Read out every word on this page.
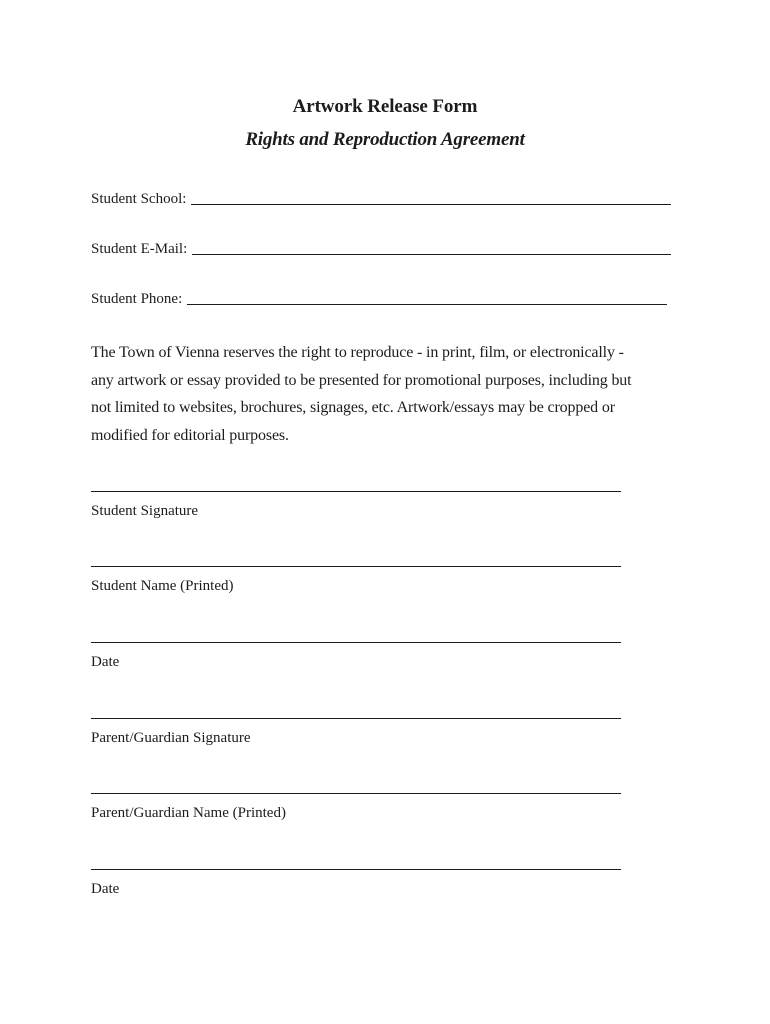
Artwork Release Form
Rights and Reproduction Agreement
Student School:
Student E-Mail:
Student Phone:
The Town of Vienna reserves the right to reproduce - in print, film, or electronically -
any artwork or essay provided to be presented for promotional purposes, including but
not limited to websites, brochures, signages, etc. Artwork/essays may be cropped or
modified for editorial purposes.
Student Signature
Student Name (Printed)
Date
Parent/Guardian Signature
Parent/Guardian Name (Printed)
Date
